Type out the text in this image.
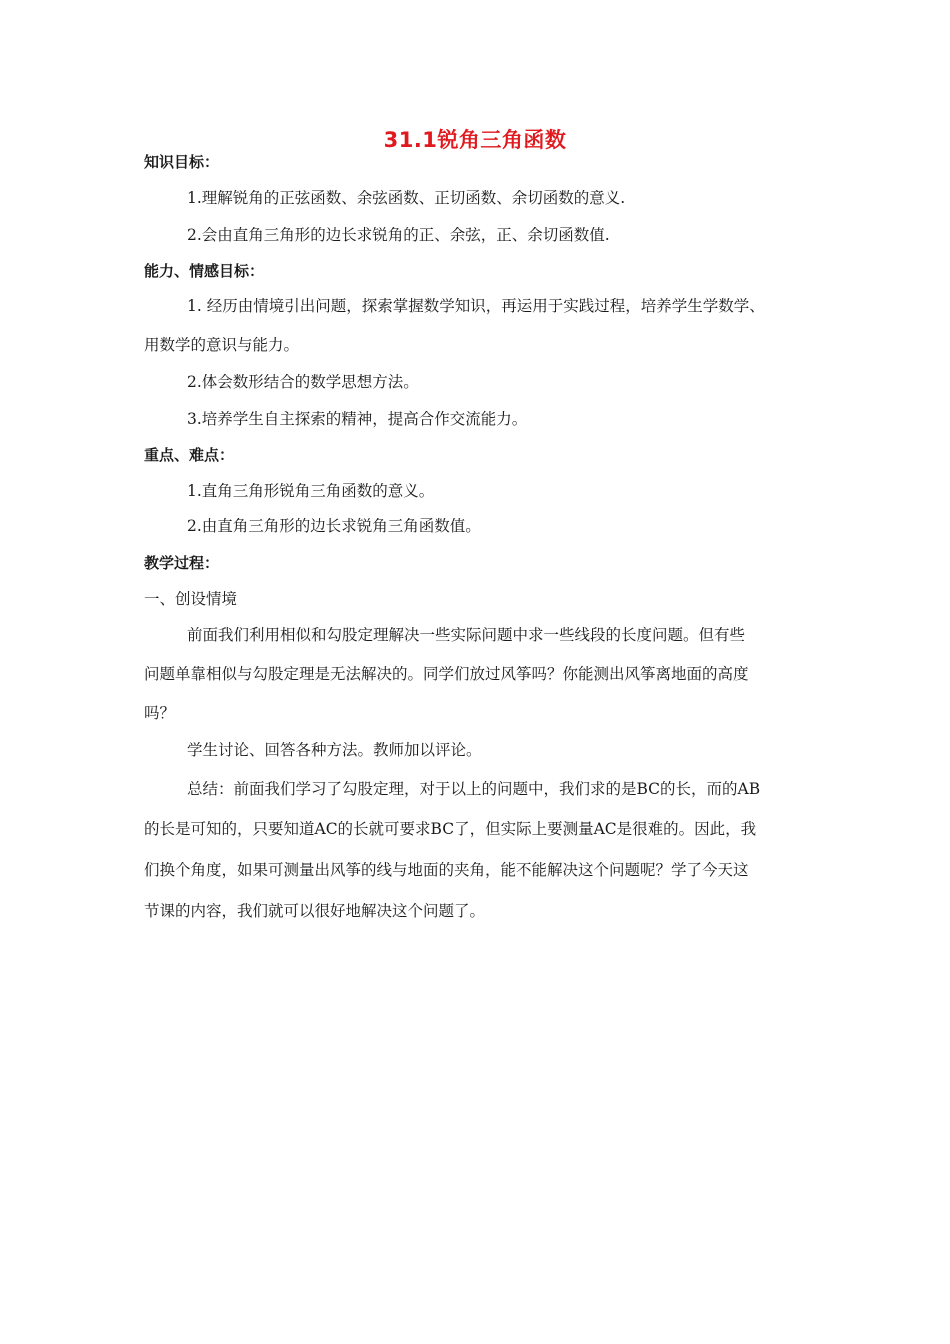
31.1锐角三角函数
知识目标：
1.理解锐角的正弦函数、余弦函数、正切函数、余切函数的意义.
2.会由直角三角形的边长求锐角的正、余弦，正、余切函数值.
能力、情感目标：
1. 经历由情境引出问题，探索掌握数学知识，再运用于实践过程，培养学生学数学、
用数学的意识与能力。
2.体会数形结合的数学思想方法。
3.培养学生自主探索的精神，提高合作交流能力。
重点、难点：
1.直角三角形锐角三角函数的意义。
2.由直角三角形的边长求锐角三角函数值。
教学过程：
一、创设情境
前面我们利用相似和勾股定理解决一些实际问题中求一些线段的长度问题。但有些
问题单靠相似与勾股定理是无法解决的。同学们放过风筝吗？你能测出风筝离地面的高度
吗？
学生讨论、回答各种方法。教师加以评论。
总结：前面我们学习了勾股定理，对于以上的问题中，我们求的是BC的长，而的AB
的长是可知的，只要知道AC的长就可要求BC了，但实际上要测量AC是很难的。因此，我
们换个角度，如果可测量出风筝的线与地面的夹角，能不能解决这个问题呢？学了今天这
节课的内容，我们就可以很好地解决这个问题了。
